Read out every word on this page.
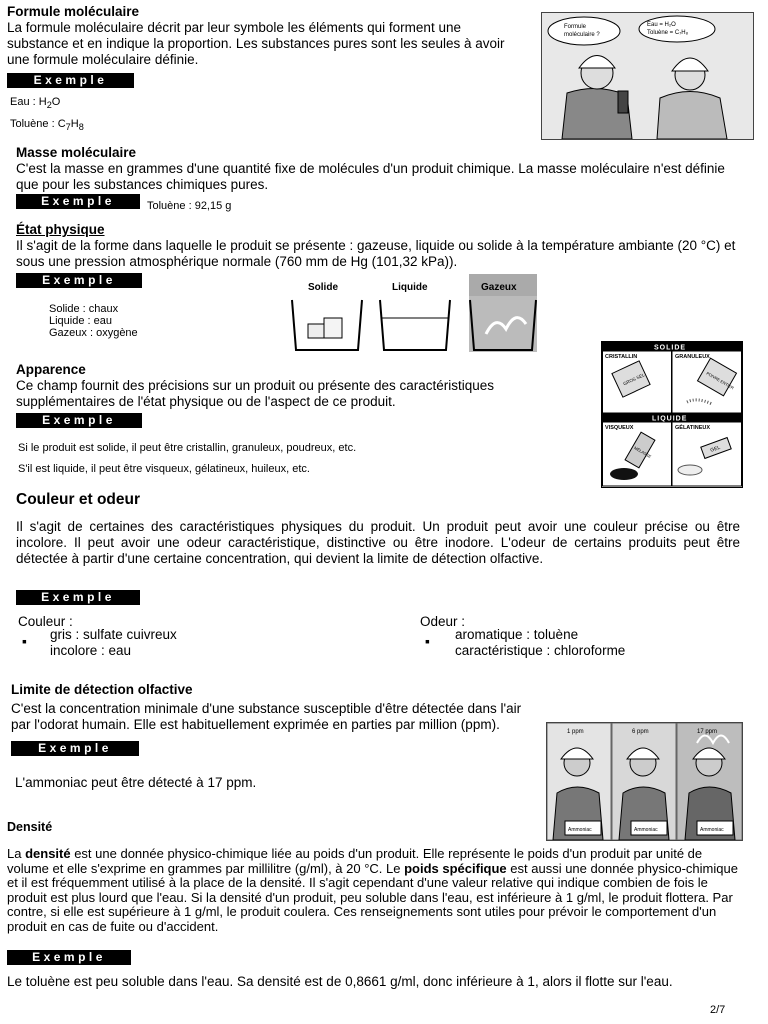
Formule moléculaire
La formule moléculaire décrit par leur symbole les éléments qui forment une substance et en indique la proportion. Les substances pures sont les seules à avoir une formule moléculaire définie.
Exemple
Eau : $H_2O$
Toluène : $C_7H_8$
Formule
moléculaire ?
Eau = H₂O
Toluène = C₇H₈
Masse moléculaire
C'est la masse en grammes d'une quantité fixe de molécules d'un produit chimique. La masse moléculaire n'est définie que pour les substances chimiques pures.
Exemple	Toluène : 92,15 g
État physique
Il s'agit de la forme dans laquelle le produit se présente : gazeuse, liquide ou solide à la température ambiante (20 °C) et sous une pression atmosphérique normale (760 mm de Hg (101,32 kPa)).
Exemple
Solide : chaux
Liquide : eau
Gazeux : oxygène
Solide	Liquide	Gazeux
Apparence
Ce champ fournit des précisions sur un produit ou présente des caractéristiques supplémentaires de l'état physique ou de l'aspect de ce produit.
Exemple
Si le produit est solide, il peut être cristallin, granuleux, poudreux, etc.
S'il est liquide, il peut être visqueux, gélatineux, huileux, etc.
SOLIDE
CRISTALLIN	GRANULEUX
GROS SEL	POIVRE ENTIER
LIQUIDE
VISQUEUX	GÉLATINEUX
MÉLASSE	GEL
Couleur et odeur
Il s'agit de certaines des caractéristiques physiques du produit. Un produit peut avoir une couleur précise ou être incolore. Il peut avoir une odeur caractéristique, distinctive ou être inodore. L'odeur de certains produits peut être détectée à partir d'une certaine concentration, qui devient la limite de détection olfactive.
Exemple
Couleur :
▪ gris : sulfate cuivreux
incolore : eau
Odeur :
▪ aromatique : toluène
caractéristique : chloroforme
Limite de détection olfactive
C'est la concentration minimale d'une substance susceptible d'être détectée dans l'air par l'odorat humain. Elle est habituellement exprimée en parties par million (ppm).
Exemple
L'ammoniac peut être détecté à 17 ppm.
1 ppm	6 ppm	17 ppm
Ammoniac	Ammoniac	Ammoniac
Densité
La densité est une donnée physico-chimique liée au poids d'un produit. Elle représente le poids d'un produit par unité de volume et elle s'exprime en grammes par millilitre (g/ml), à 20 °C. Le poids spécifique est aussi une donnée physico-chimique et il est fréquemment utilisé à la place de la densité. Il s'agit cependant d'une valeur relative qui indique combien de fois le produit est plus lourd que l'eau. Si la densité d'un produit, peu soluble dans l'eau, est inférieure à 1 g/ml, le produit flottera. Par contre, si elle est supérieure à 1 g/ml, le produit coulera. Ces renseignements sont utiles pour prévoir le comportement d'un produit en cas de fuite ou d'accident.
Exemple
Le toluène est peu soluble dans l'eau. Sa densité est de 0,8661 g/ml, donc inférieure à 1, alors il flotte sur l'eau.
2/7
